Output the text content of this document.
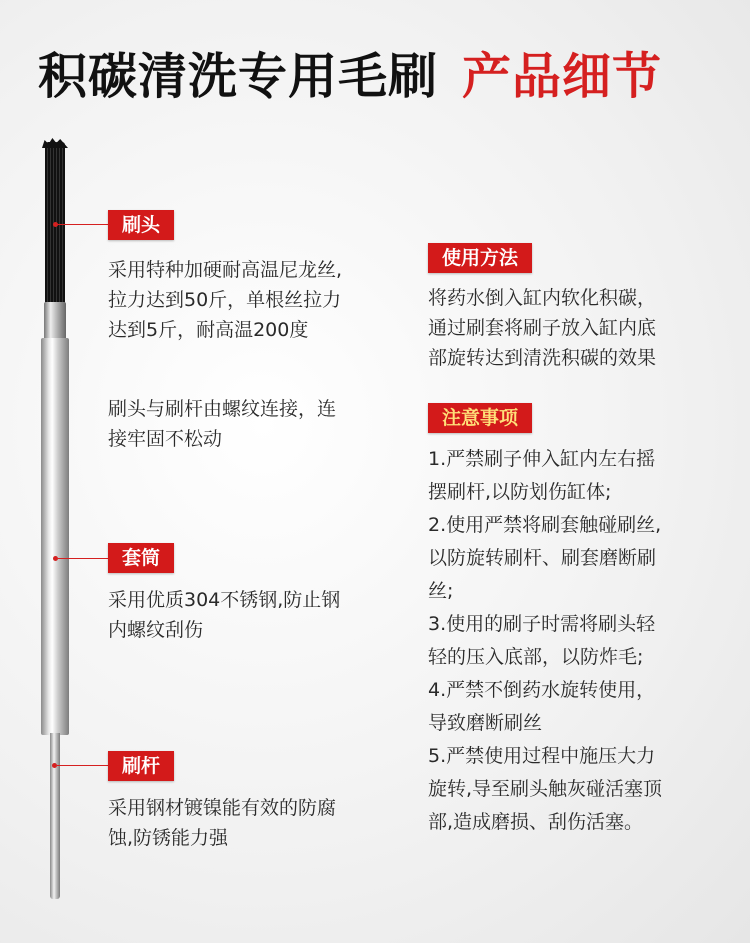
积碳清洗专用毛刷 产品细节
刷头
采用特种加硬耐高温尼龙丝,
拉力达到50斤，单根丝拉力
达到5斤，耐高温200度
刷头与刷杆由螺纹连接，连
接牢固不松动
套筒
采用优质304不锈钢,防止钢
内螺纹刮伤
刷杆
采用钢材镀镍能有效的防腐
蚀,防锈能力强
使用方法
将药水倒入缸内软化积碳，
通过刷套将刷子放入缸内底
部旋转达到清洗积碳的效果
注意事项
1.严禁刷子伸入缸内左右摇
摆刷杆,以防划伤缸体;
2.使用严禁将刷套触碰刷丝,
以防旋转刷杆、刷套磨断刷
丝;
3.使用的刷子时需将刷头轻
轻的压入底部，以防炸毛;
4.严禁不倒药水旋转使用，
导致磨断刷丝
5.严禁使用过程中施压大力
旋转,导至刷头触灰碰活塞顶
部,造成磨损、刮伤活塞。
